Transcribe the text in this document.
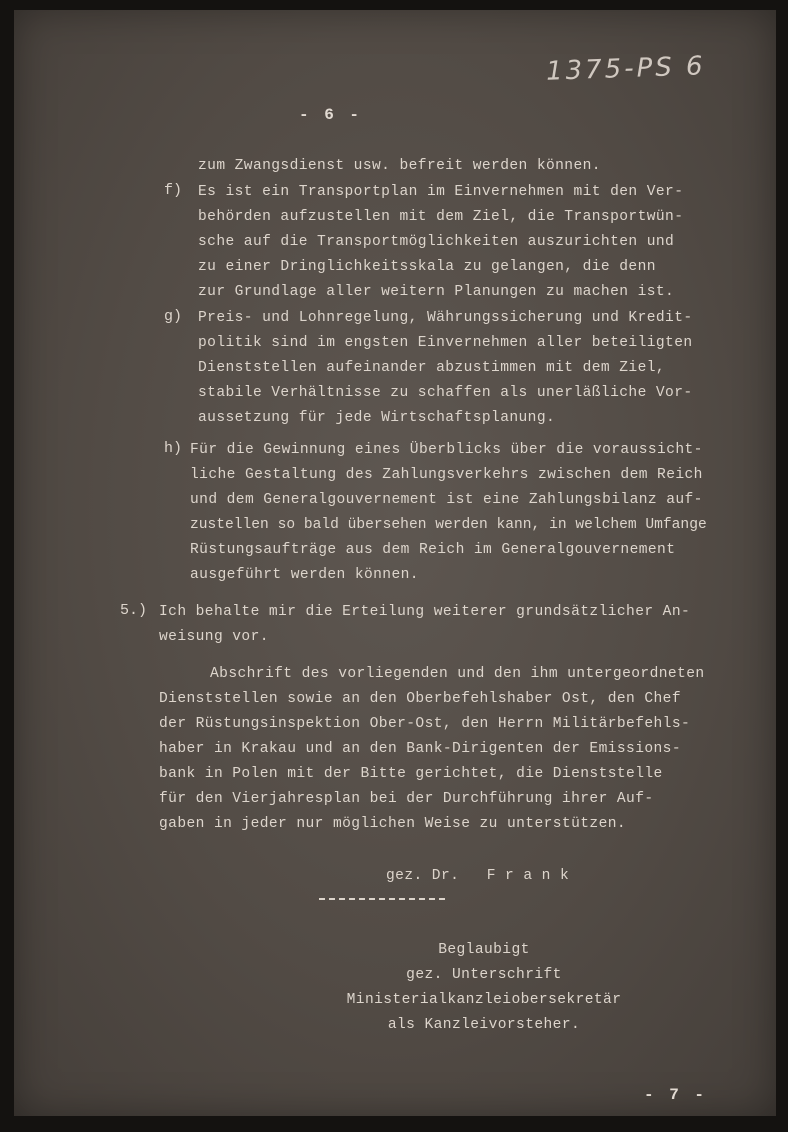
1375-PS 6
- 6 -
zum Zwangsdienst usw. befreit werden können.
f) Es ist ein Transportplan im Einvernehmen mit den Ver-
behörden aufzustellen mit dem Ziel, die Transportwün-
sche auf die Transportmöglichkeiten auszurichten und
zu einer Dringlichkeitsskala zu gelangen, die denn
zur Grundlage aller weitern Planungen zu machen ist.
g) Preis- und Lohnregelung, Währungssicherung und Kredit-
politik sind im engsten Einvernehmen aller beteiligten
Dienststellen aufeinander abzustimmen mit dem Ziel,
stabile Verhältnisse zu schaffen als unerläßliche Vor-
aussetzung für jede Wirtschaftsplanung.
h) Für die Gewinnung eines Überblicks über die voraussicht-
liche Gestaltung des Zahlungsverkehrs zwischen dem Reich
und dem Generalgouvernement ist eine Zahlungsbilanz auf-
zustellen so bald übersehen werden kann, in welchem Umfange
Rüstungsaufträge aus dem Reich im Generalgouvernement
ausgeführt werden können.
5.) Ich behalte mir die Erteilung weiterer grundsätzlicher An-
weisung vor.
Abschrift des vorliegenden und den ihm untergeordneten
Dienststellen sowie an den Oberbefehlshaber Ost, den Chef
der Rüstungsinspektion Ober-Ost, den Herrn Militärbefehls-
haber in Krakau und an den Bank-Dirigenten der Emissions-
bank in Polen mit der Bitte gerichtet, die Dienststelle
für den Vierjahresplan bei der Durchführung ihrer Auf-
gaben in jeder nur möglichen Weise zu unterstützen.
gez. Dr.   F r a n k
Beglaubigt
gez. Unterschrift
Ministerialkanzleiobersekretär
als Kanzleivorsteher.
- 7 -
